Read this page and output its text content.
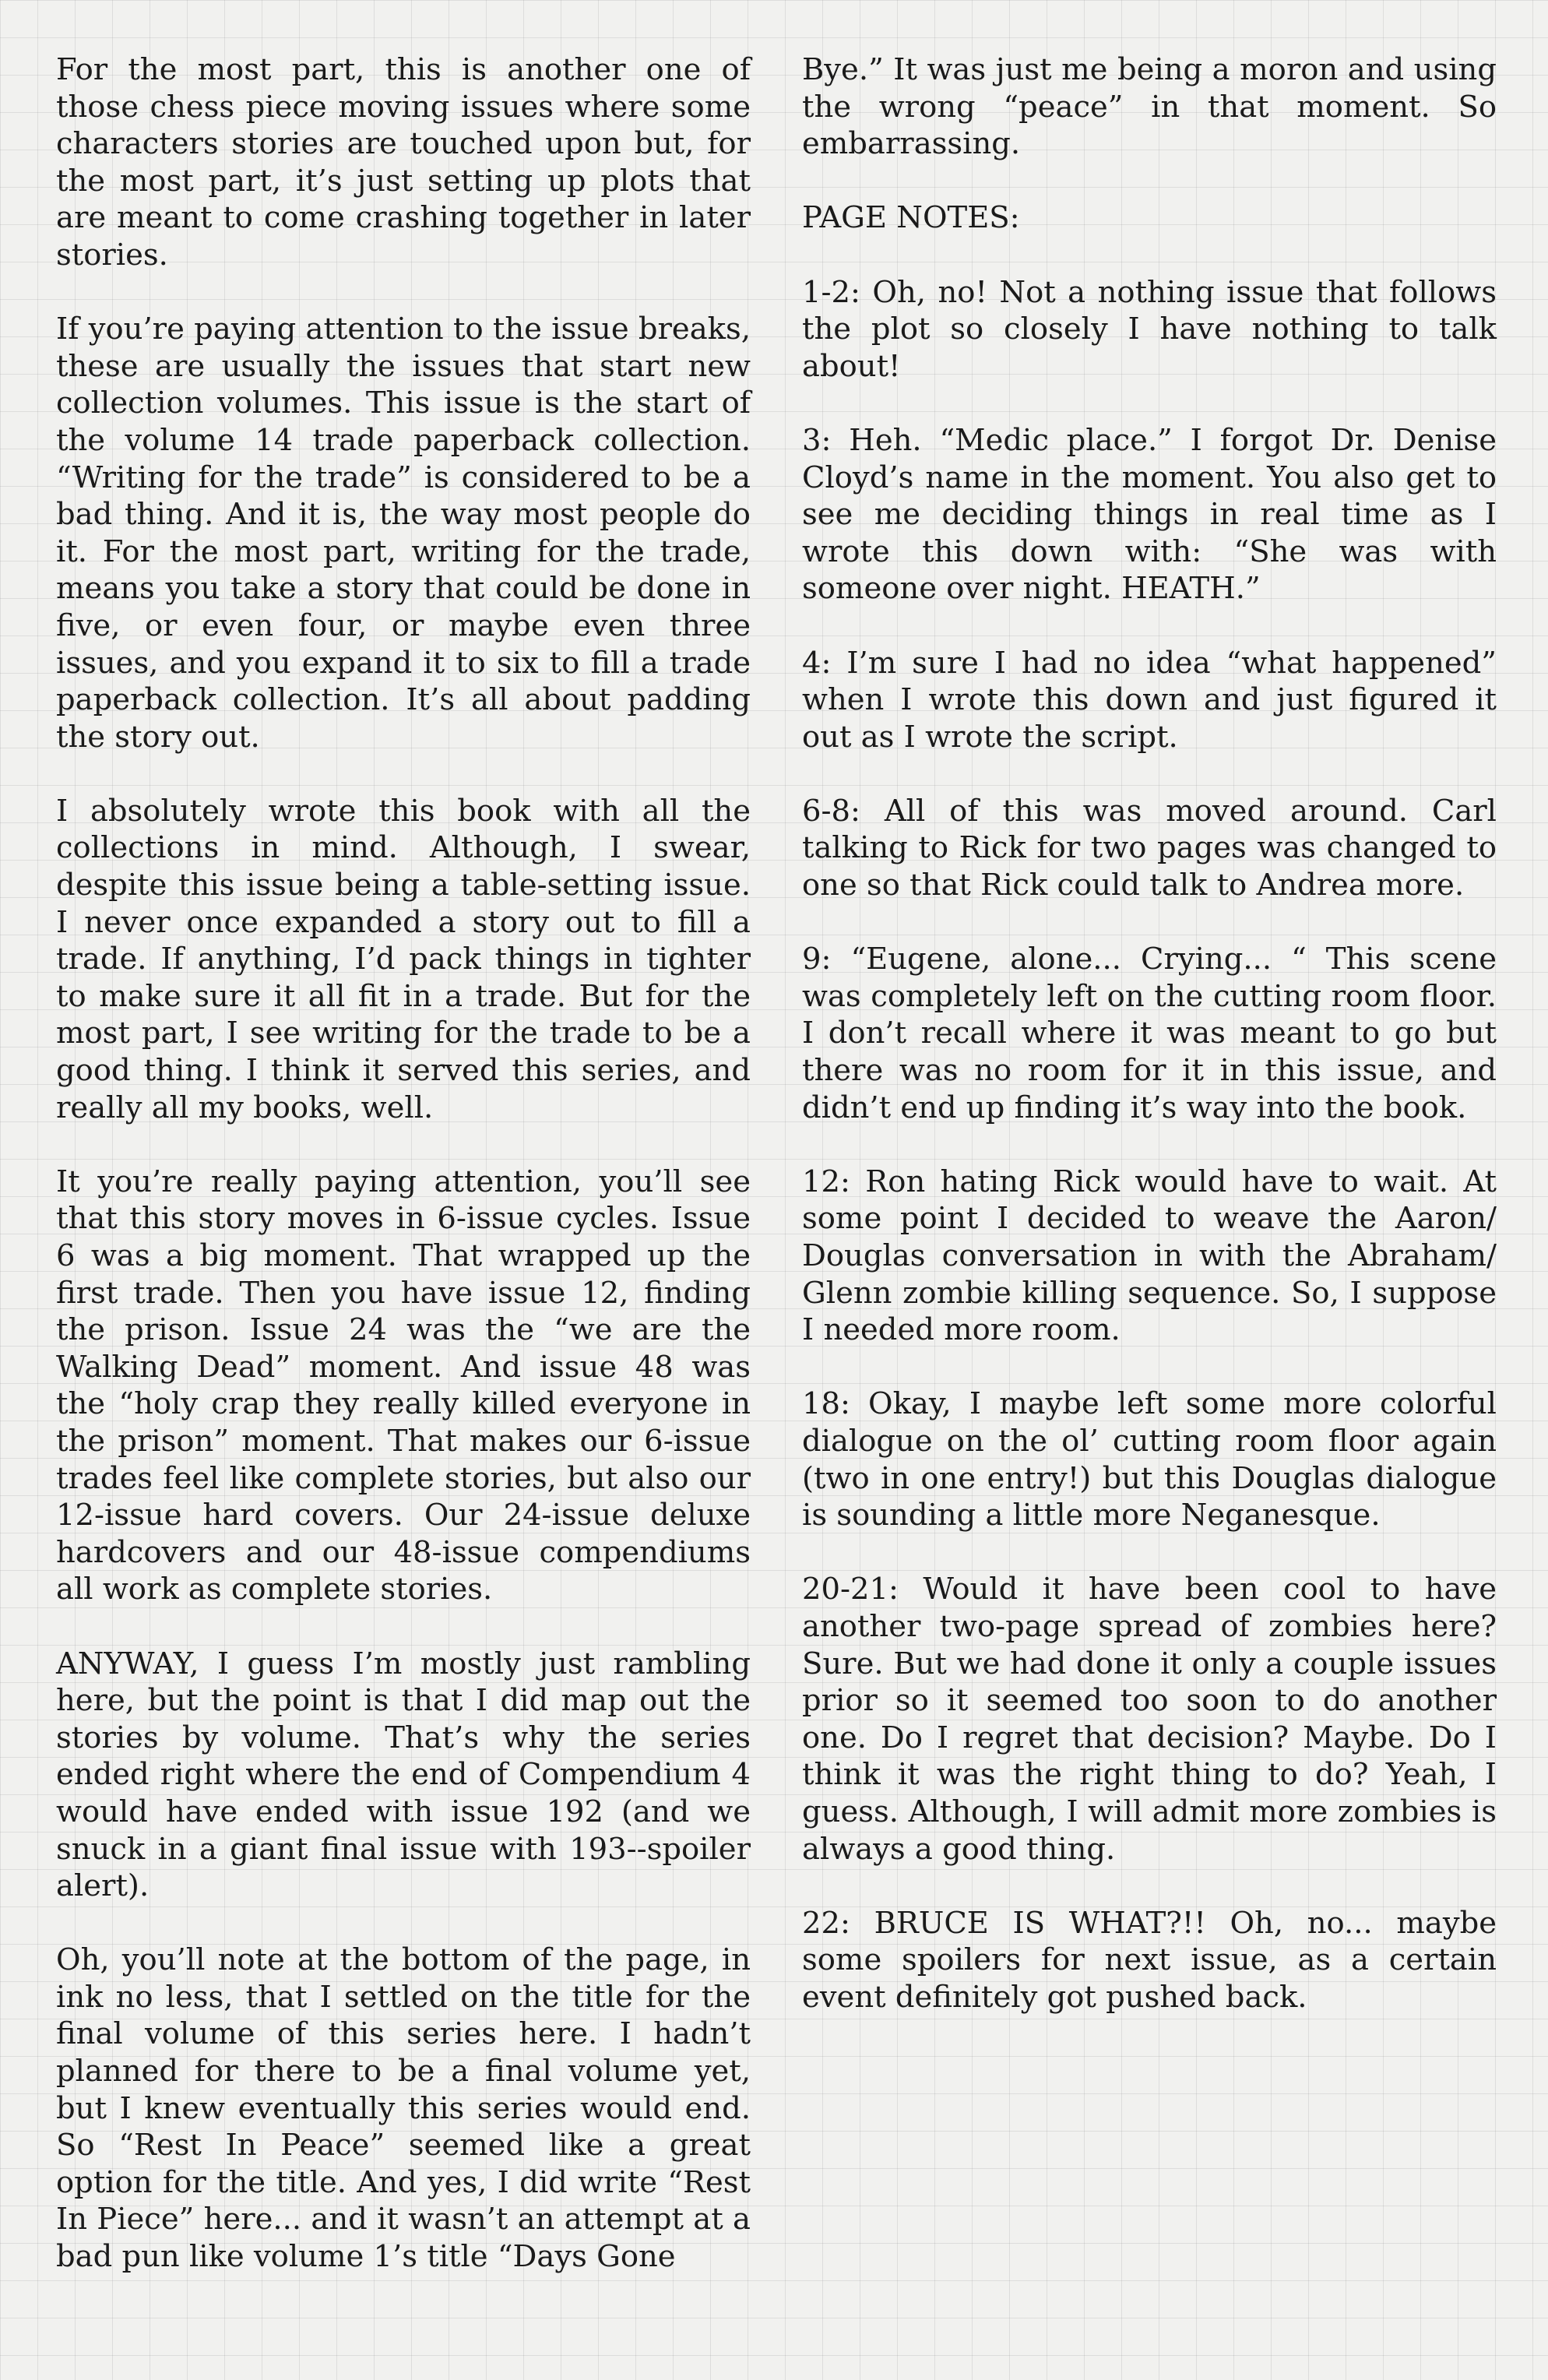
For the most part, this is another one of those chess piece moving issues where some characters stories are touched upon but, for the most part, it’s just setting up plots that are meant to come crashing together in later stories.

If you’re paying attention to the issue breaks, these are usually the issues that start new collection volumes. This issue is the start of the volume 14 trade paperback collection. “Writing for the trade” is considered to be a bad thing. And it is, the way most people do it. For the most part, writing for the trade, means you take a story that could be done in five, or even four, or maybe even three issues, and you expand it to six to fill a trade paperback collection. It’s all about padding the story out.

I absolutely wrote this book with all the collections in mind. Although, I swear, despite this issue being a table-setting issue. I never once expanded a story out to fill a trade. If anything, I’d pack things in tighter to make sure it all fit in a trade. But for the most part, I see writing for the trade to be a good thing. I think it served this series, and really all my books, well.

It you’re really paying attention, you’ll see that this story moves in 6-issue cycles. Issue 6 was a big moment. That wrapped up the first trade. Then you have issue 12, finding the prison. Issue 24 was the “we are the Walking Dead” moment. And issue 48 was the “holy crap they really killed everyone in the prison” moment. That makes our 6-issue trades feel like complete stories, but also our 12-issue hard covers. Our 24-issue deluxe hardcovers and our 48-issue compendiums all work as complete stories.

ANYWAY, I guess I’m mostly just rambling here, but the point is that I did map out the stories by volume. That’s why the series ended right where the end of Compendium 4 would have ended with issue 192 (and we snuck in a giant final issue with 193--spoiler alert).

Oh, you’ll note at the bottom of the page, in ink no less, that I settled on the title for the final volume of this series here. I hadn’t planned for there to be a final volume yet, but I knew eventually this series would end. So “Rest In Peace” seemed like a great option for the title. And yes, I did write “Rest In Piece” here... and it wasn’t an attempt at a bad pun like volume 1’s title “Days Gone

Bye.” It was just me being a moron and using the wrong “peace” in that moment. So embarrassing.

PAGE NOTES:

1-2: Oh, no! Not a nothing issue that follows the plot so closely I have nothing to talk about!

3: Heh. “Medic place.” I forgot Dr. Denise Cloyd’s name in the moment. You also get to see me deciding things in real time as I wrote this down with: “She was with someone over night. HEATH.”

4: I’m sure I had no idea “what happened” when I wrote this down and just figured it out as I wrote the script.

6-8: All of this was moved around. Carl talking to Rick for two pages was changed to one so that Rick could talk to Andrea more.

9: “Eugene, alone... Crying... “ This scene was completely left on the cutting room floor. I don’t recall where it was meant to go but there was no room for it in this issue, and didn’t end up finding it’s way into the book.

12: Ron hating Rick would have to wait. At some point I decided to weave the Aaron/ Douglas conversation in with the Abraham/ Glenn zombie killing sequence. So, I suppose I needed more room.

18: Okay, I maybe left some more colorful dialogue on the ol’ cutting room floor again (two in one entry!) but this Douglas dialogue is sounding a little more Neganesque.

20-21: Would it have been cool to have another two-page spread of zombies here? Sure. But we had done it only a couple issues prior so it seemed too soon to do another one. Do I regret that decision? Maybe. Do I think it was the right thing to do? Yeah, I guess. Although, I will admit more zombies is always a good thing.

22: BRUCE IS WHAT?!! Oh, no... maybe some spoilers for next issue, as a certain event definitely got pushed back.
